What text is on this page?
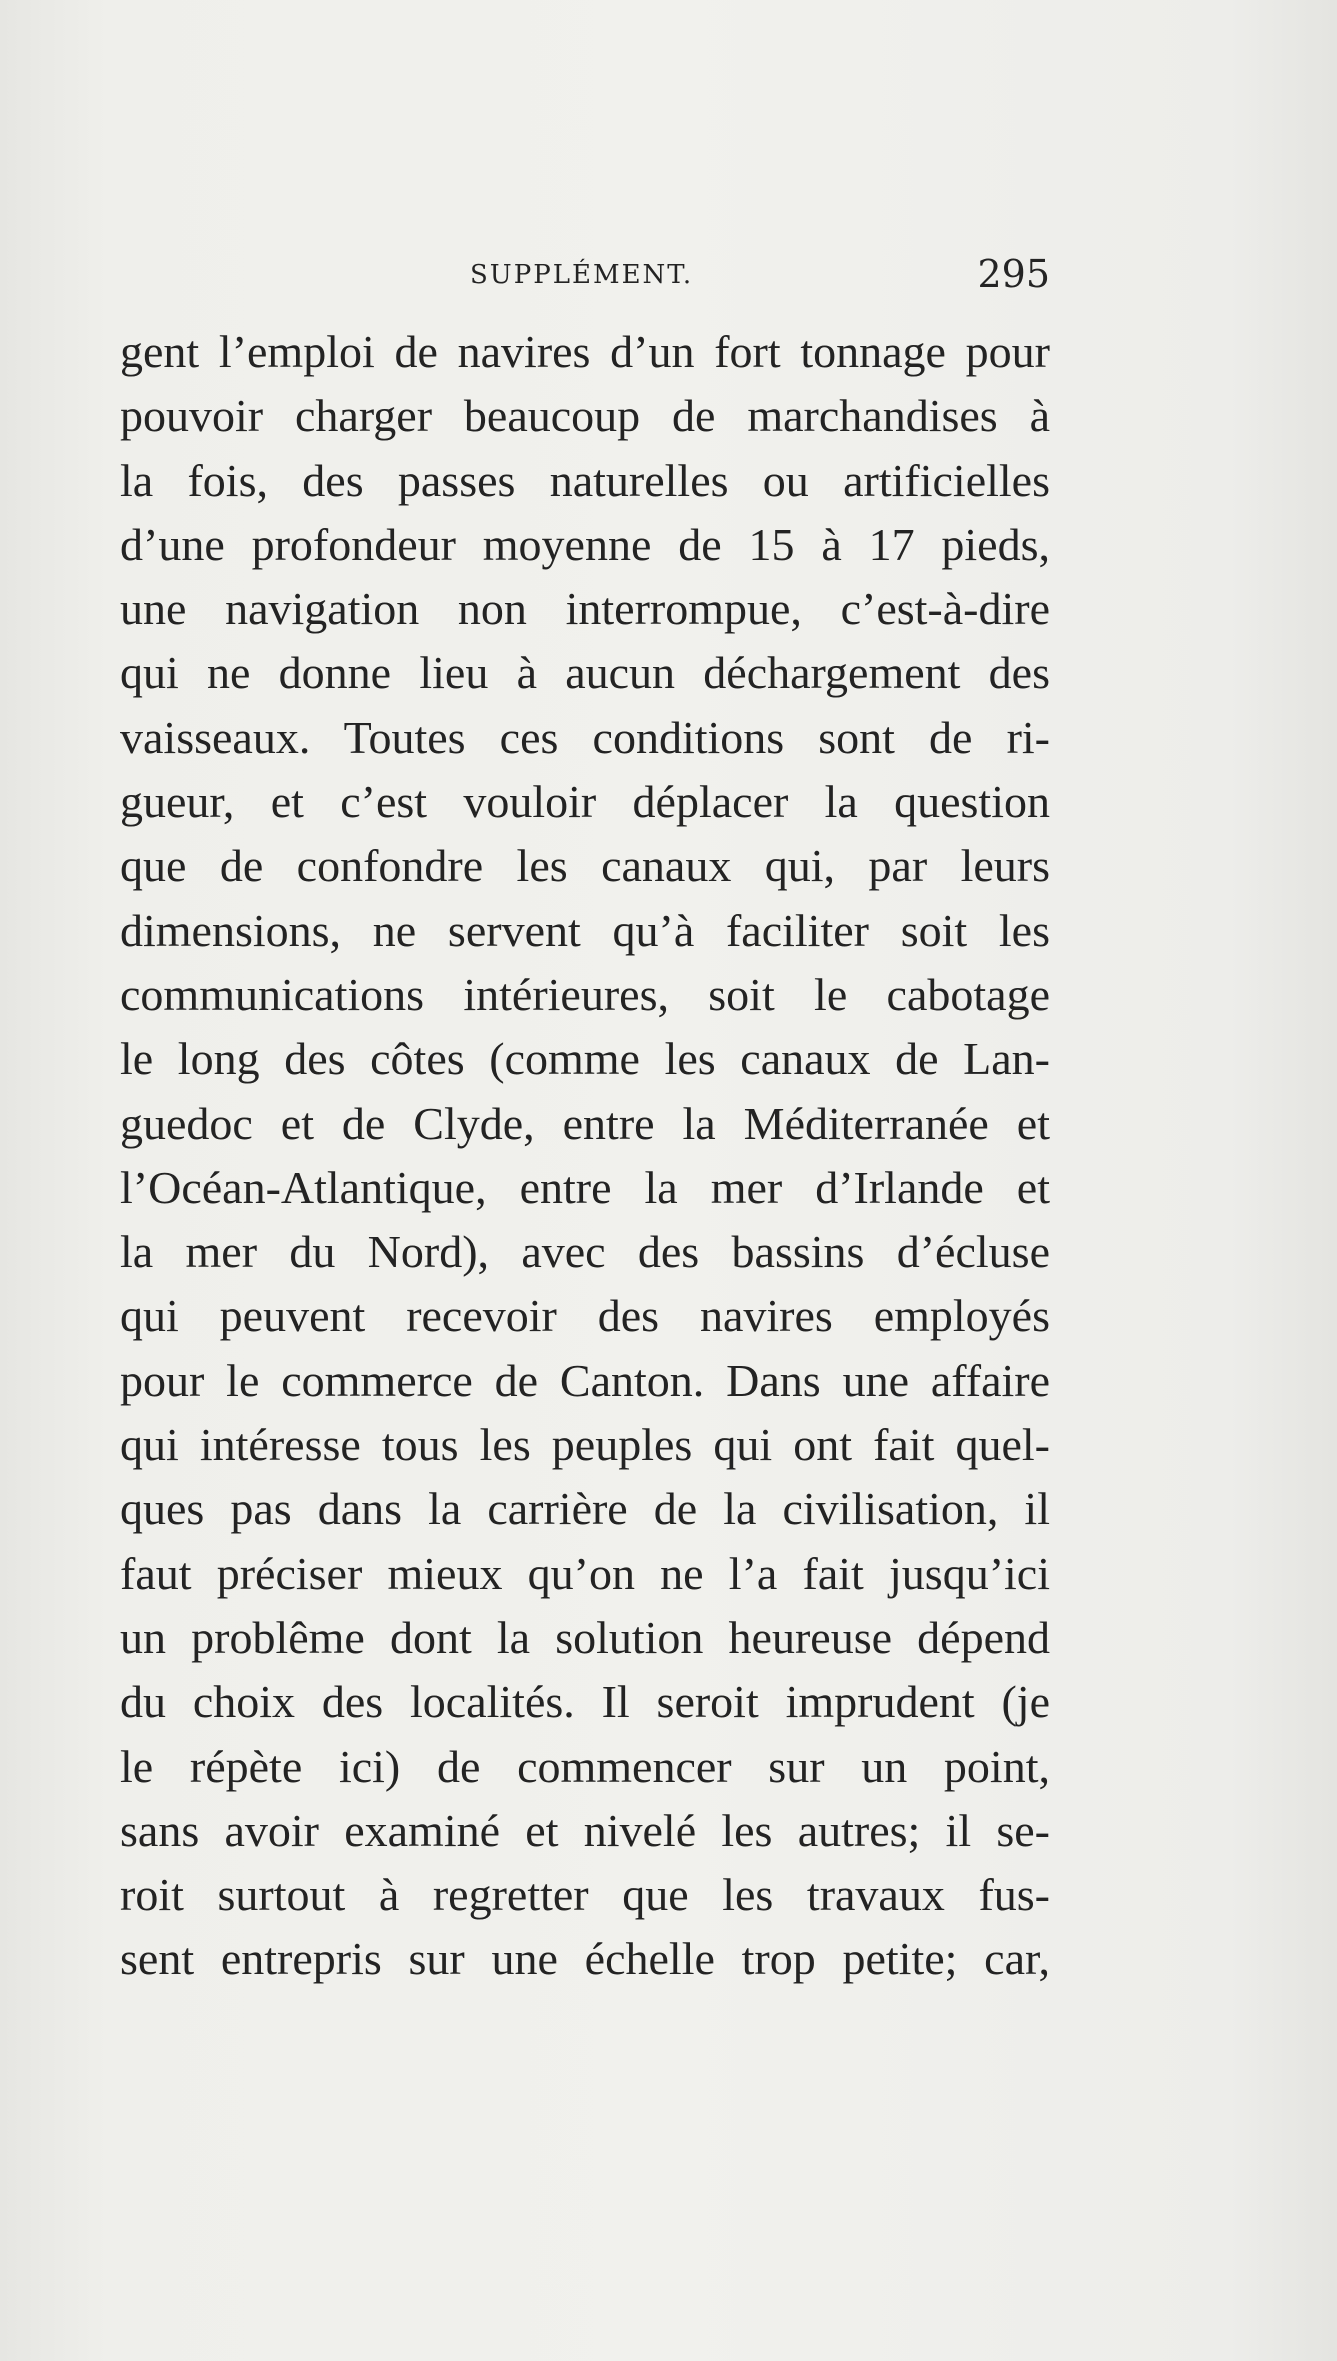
SUPPLÉMENT.	295
gent l’emploi de navires d’un fort tonnage pour
pouvoir charger beaucoup de marchandises à
la fois, des passes naturelles ou artificielles
d’une profondeur moyenne de 15 à 17 pieds,
une navigation non interrompue, c’est-à-dire
qui ne donne lieu à aucun déchargement des
vaisseaux. Toutes ces conditions sont de ri-
gueur, et c’est vouloir déplacer la question
que de confondre les canaux qui, par leurs
dimensions, ne servent qu’à faciliter soit les
communications intérieures, soit le cabotage
le long des côtes (comme les canaux de Lan-
guedoc et de Clyde, entre la Méditerranée et
l’Océan-Atlantique, entre la mer d’Irlande et
la mer du Nord), avec des bassins d’écluse
qui peuvent recevoir des navires employés
pour le commerce de Canton. Dans une affaire
qui intéresse tous les peuples qui ont fait quel-
ques pas dans la carrière de la civilisation, il
faut préciser mieux qu’on ne l’a fait jusqu’ici
un problême dont la solution heureuse dépend
du choix des localités. Il seroit imprudent (je
le répète ici) de commencer sur un point,
sans avoir examiné et nivelé les autres; il se-
roit surtout à regretter que les travaux fus-
sent entrepris sur une échelle trop petite; car,
